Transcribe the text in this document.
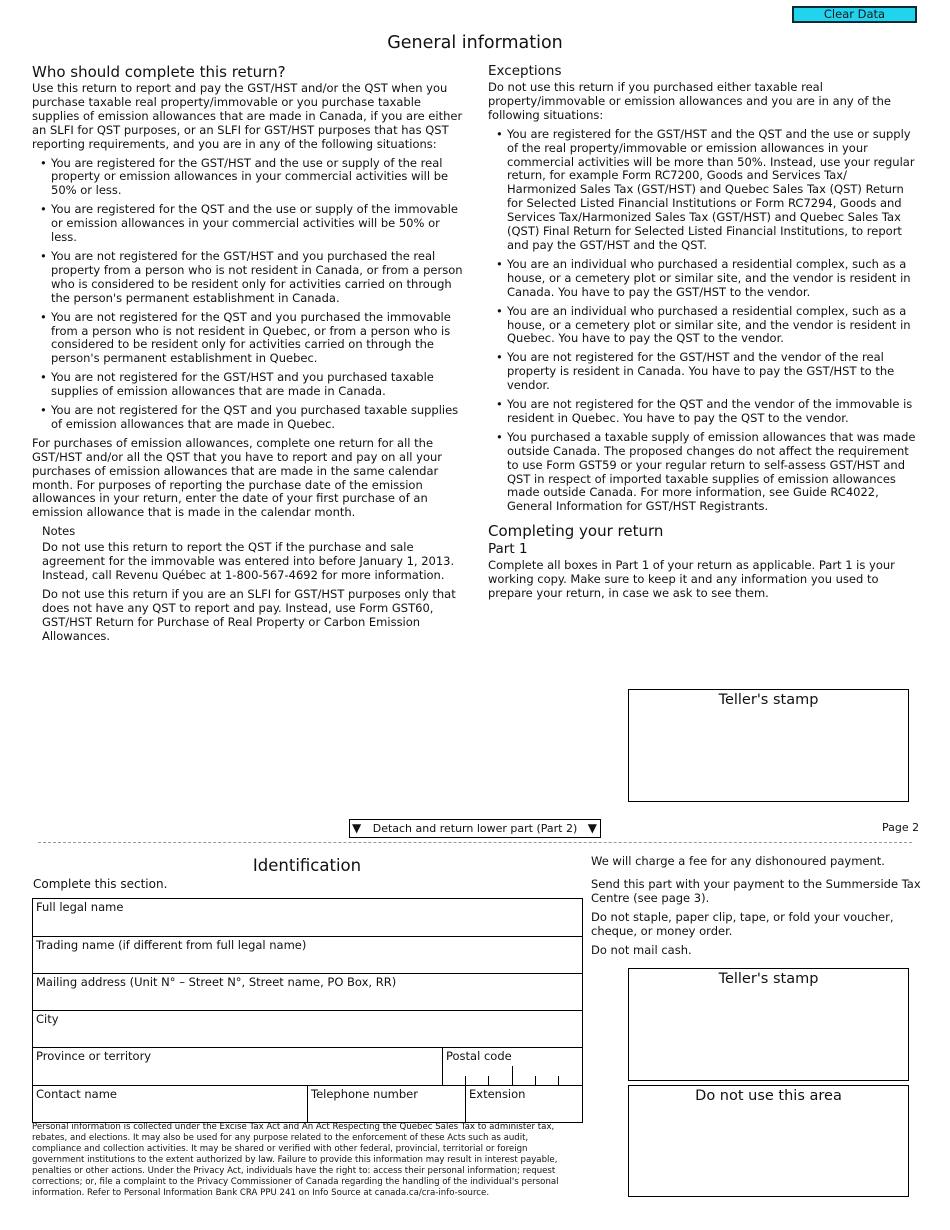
Clear Data
General information
Who should complete this return?
Use this return to report and pay the GST/HST and/or the QST when you purchase taxable real property/immovable or you purchase taxable supplies of emission allowances that are made in Canada, if you are either an SLFI for QST purposes, or an SLFI for GST/HST purposes that has QST reporting requirements, and you are in any of the following situations:
• You are registered for the GST/HST and the use or supply of the real property or emission allowances in your commercial activities will be 50% or less.
• You are registered for the QST and the use or supply of the immovable or emission allowances in your commercial activities will be 50% or less.
• You are not registered for the GST/HST and you purchased the real property from a person who is not resident in Canada, or from a person who is considered to be resident only for activities carried on through the person's permanent establishment in Canada.
• You are not registered for the QST and you purchased the immovable from a person who is not resident in Quebec, or from a person who is considered to be resident only for activities carried on through the person's permanent establishment in Quebec.
• You are not registered for the GST/HST and you purchased taxable supplies of emission allowances that are made in Canada.
• You are not registered for the QST and you purchased taxable supplies of emission allowances that are made in Quebec.
For purchases of emission allowances, complete one return for all the GST/HST and/or all the QST that you have to report and pay on all your purchases of emission allowances that are made in the same calendar month. For purposes of reporting the purchase date of the emission allowances in your return, enter the date of your first purchase of an emission allowance that is made in the calendar month.
Notes
Do not use this return to report the QST if the purchase and sale agreement for the immovable was entered into before January 1, 2013. Instead, call Revenu Québec at 1-800-567-4692 for more information.
Do not use this return if you are an SLFI for GST/HST purposes only that does not have any QST to report and pay. Instead, use Form GST60, GST/HST Return for Purchase of Real Property or Carbon Emission Allowances.
Exceptions
Do not use this return if you purchased either taxable real property/immovable or emission allowances and you are in any of the following situations:
• You are registered for the GST/HST and the QST and the use or supply of the real property/immovable or emission allowances in your commercial activities will be more than 50%. Instead, use your regular return, for example Form RC7200, Goods and Services Tax/ Harmonized Sales Tax (GST/HST) and Quebec Sales Tax (QST) Return for Selected Listed Financial Institutions or Form RC7294, Goods and Services Tax/Harmonized Sales Tax (GST/HST) and Quebec Sales Tax (QST) Final Return for Selected Listed Financial Institutions, to report and pay the GST/HST and the QST.
• You are an individual who purchased a residential complex, such as a house, or a cemetery plot or similar site, and the vendor is resident in Canada. You have to pay the GST/HST to the vendor.
• You are an individual who purchased a residential complex, such as a house, or a cemetery plot or similar site, and the vendor is resident in Quebec. You have to pay the QST to the vendor.
• You are not registered for the GST/HST and the vendor of the real property is resident in Canada. You have to pay the GST/HST to the vendor.
• You are not registered for the QST and the vendor of the immovable is resident in Quebec. You have to pay the QST to the vendor.
• You purchased a taxable supply of emission allowances that was made outside Canada. The proposed changes do not affect the requirement to use Form GST59 or your regular return to self-assess GST/HST and QST in respect of imported taxable supplies of emission allowances made outside Canada. For more information, see Guide RC4022, General Information for GST/HST Registrants.
Completing your return
Part 1
Complete all boxes in Part 1 of your return as applicable. Part 1 is your working copy. Make sure to keep it and any information you used to prepare your return, in case we ask to see them.
Teller's stamp
▼ Detach and return lower part (Part 2) ▼	Page 2
Identification
Complete this section.
Full legal name
Trading name (if different from full legal name)
Mailing address (Unit N° – Street N°, Street name, PO Box, RR)
City
Province or territory	Postal code
Contact name	Telephone number	Extension
Personal information is collected under the Excise Tax Act and An Act Respecting the Québec Sales Tax to administer tax, rebates, and elections. It may also be used for any purpose related to the enforcement of these Acts such as audit, compliance and collection activities. It may be shared or verified with other federal, provincial, territorial or foreign government institutions to the extent authorized by law. Failure to provide this information may result in interest payable, penalties or other actions. Under the Privacy Act, individuals have the right to: access their personal information; request corrections; or, file a complaint to the Privacy Commissioner of Canada regarding the handling of the individual's personal information. Refer to Personal Information Bank CRA PPU 241 on Info Source at canada.ca/cra-info-source.

We will charge a fee for any dishonoured payment.

Send this part with your payment to the Summerside Tax Centre (see page 3).

Do not staple, paper clip, tape, or fold your voucher, cheque, or money order.

Do not mail cash.

Teller's stamp
Do not use this area
